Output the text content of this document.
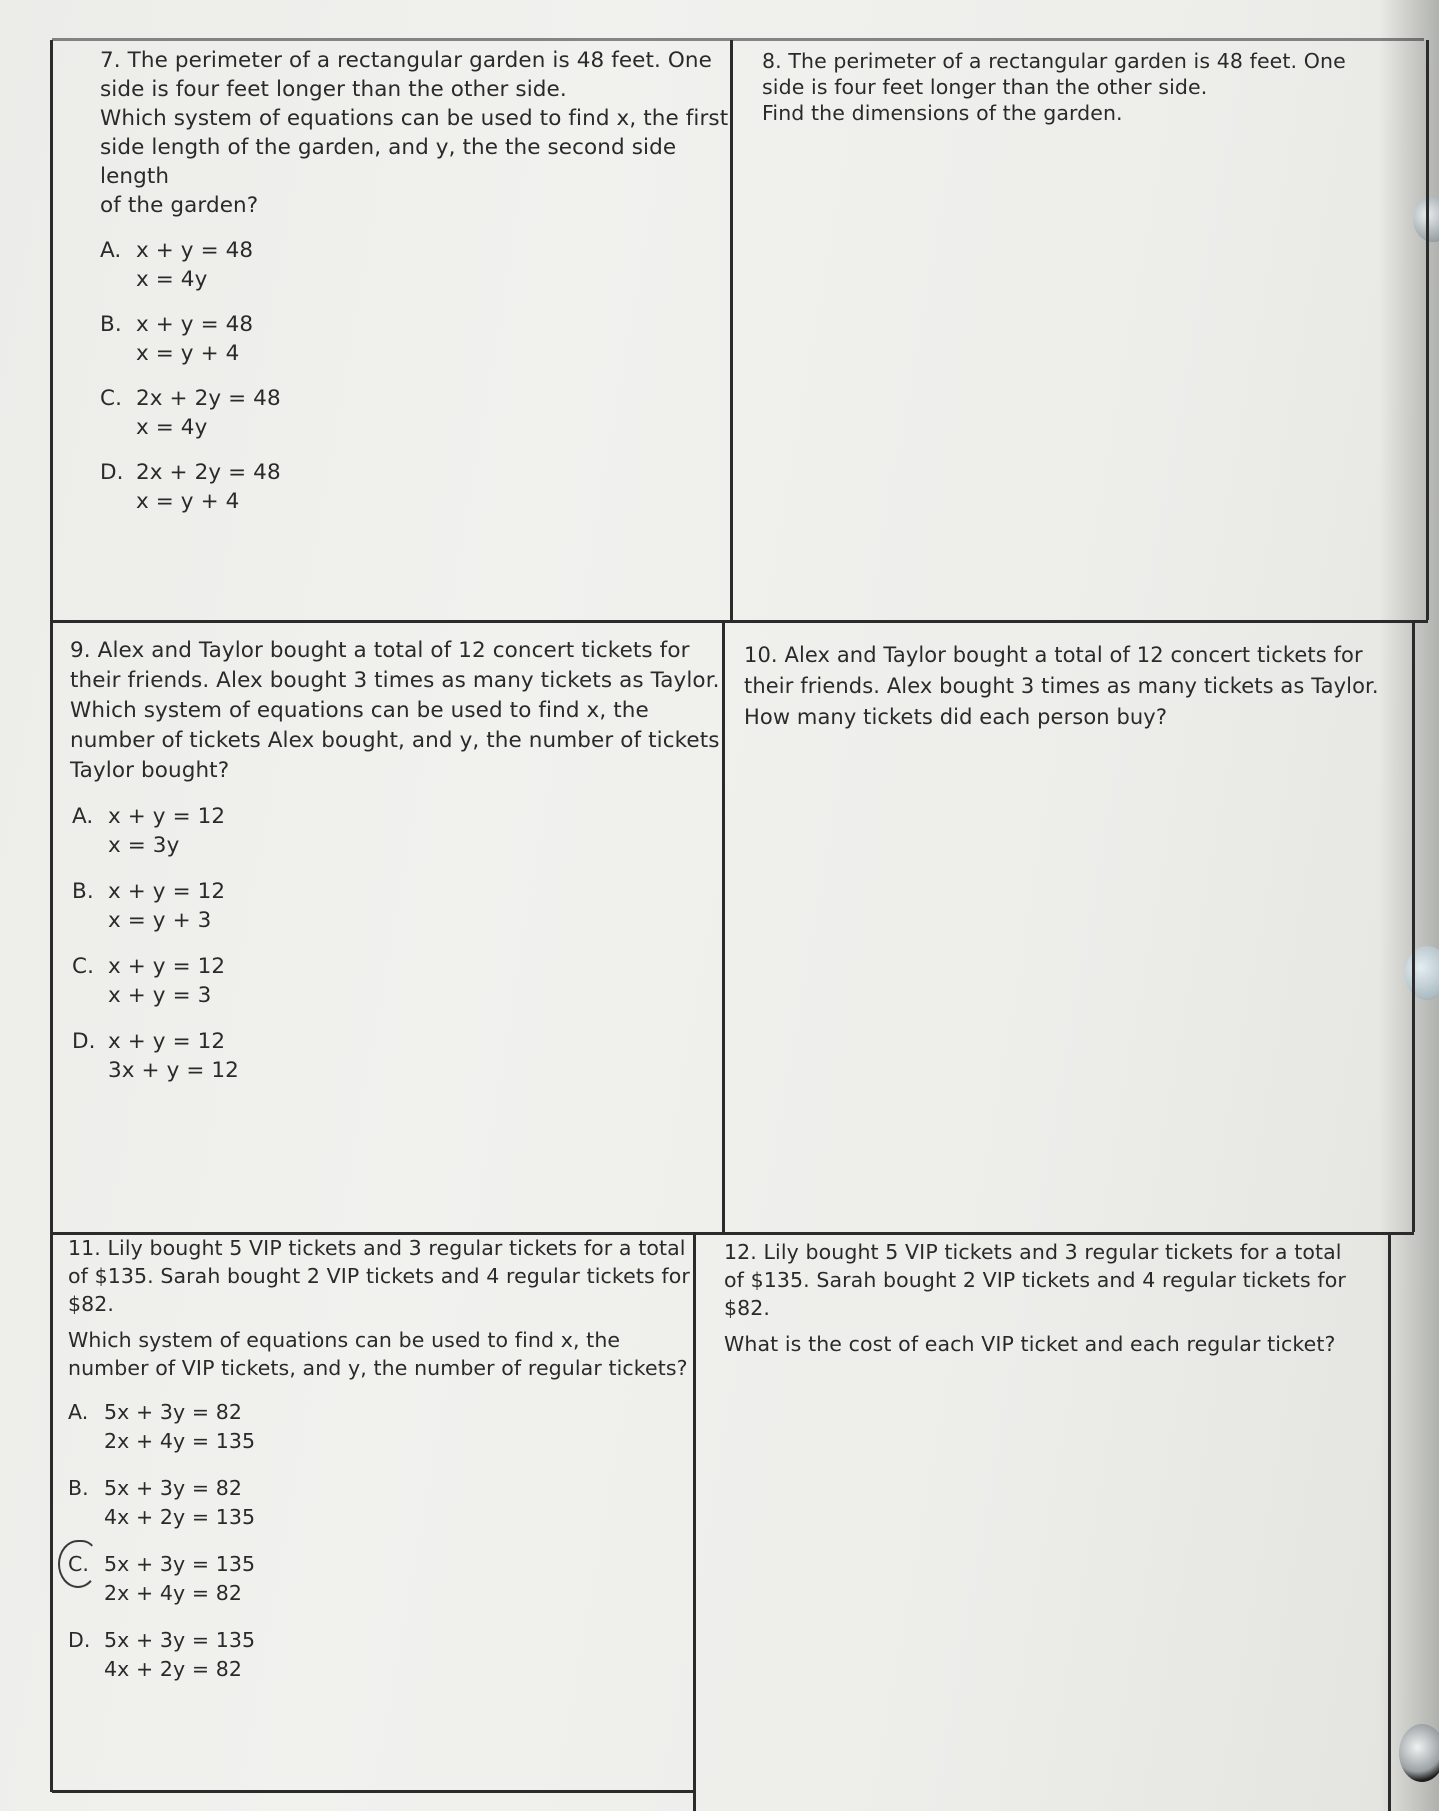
7. The perimeter of a rectangular garden is 48 feet. One

side is four feet longer than the other side.

Which system of equations can be used to find x, the first

side length of the garden, and y, the the second side length

of the garden?

A. x + y = 48
x = 4y
B. x + y = 48
x = y + 4
C. 2x + 2y = 48
x = 4y
D. 2x + 2y = 48
x = y + 4

8. The perimeter of a rectangular garden is 48 feet. One

side is four feet longer than the other side.

Find the dimensions of the garden.

9. Alex and Taylor bought a total of 12 concert tickets for

their friends. Alex bought 3 times as many tickets as Taylor.

Which system of equations can be used to find x, the

number of tickets Alex bought, and y, the number of tickets

Taylor bought?

A. x + y = 12
x = 3y
B. x + y = 12
x = y + 3
C. x + y = 12
x + y = 3
D. x + y = 12
3x + y = 12

10. Alex and Taylor bought a total of 12 concert tickets for

their friends. Alex bought 3 times as many tickets as Taylor.

How many tickets did each person buy?

11. Lily bought 5 VIP tickets and 3 regular tickets for a total

of $135. Sarah bought 2 VIP tickets and 4 regular tickets for

$82.

Which system of equations can be used to find x, the

number of VIP tickets, and y, the number of regular tickets?

A. 5x + 3y = 82
2x + 4y = 135
B. 5x + 3y = 82
4x + 2y = 135
C. 5x + 3y = 135
2x + 4y = 82
D. 5x + 3y = 135
4x + 2y = 82

12. Lily bought 5 VIP tickets and 3 regular tickets for a total

of $135. Sarah bought 2 VIP tickets and 4 regular tickets for

$82.

What is the cost of each VIP ticket and each regular ticket?
